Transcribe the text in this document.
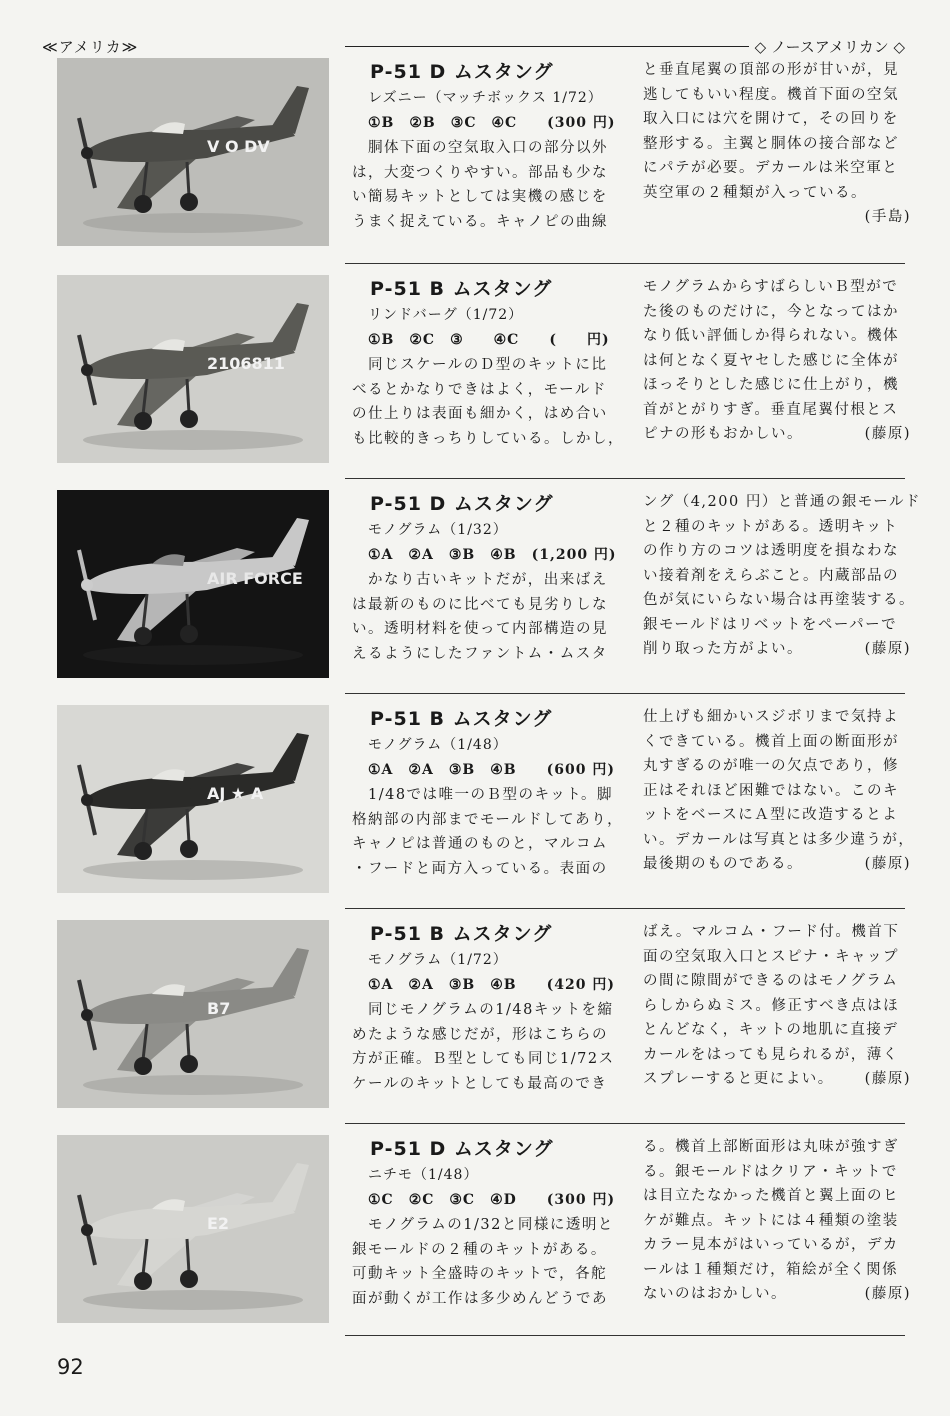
≪アメリカ≫	◇ ノースアメリカン ◇
V O DV
P-51 D ムスタング
レズニー（マッチボックス 1/72）
①B　②B　③C　④C　　(300 円)
　胴体下面の空気取入口の部分以外
は，大変つくりやすい。部品も少な
い簡易キットとしては実機の感じを
うまく捉えている。キャノピの曲線
と垂直尾翼の頂部の形が甘いが，見
逃してもいい程度。機首下面の空気
取入口には穴を開けて，その回りを
整形する。主翼と胴体の接合部など
にパテが必要。デカールは米空軍と
英空軍の２種類が入っている。
(手島)
2106811
P-51 B ムスタング
リンドバーグ（1/72）
①B　②C　③　　④C　　(　　円)
　同じスケールのＤ型のキットに比
べるとかなりできはよく，モールド
の仕上りは表面も細かく，はめ合い
も比較的きっちりしている。しかし，
モノグラムからすばらしいＢ型がで
た後のものだけに，今となってはか
なり低い評価しか得られない。機体
は何となく夏ヤセした感じに全体が
ほっそりとした感じに仕上がり，機
首がとがりすぎ。垂直尾翼付根とス
ピナの形もおかしい。	(藤原)
AIR FORCE
P-51 D ムスタング
モノグラム（1/32）
①A　②A　③B　④B　(1,200 円)
　かなり古いキットだが，出来ばえ
は最新のものに比べても見劣りしな
い。透明材料を使って内部構造の見
えるようにしたファントム・ムスタ
ング（4,200 円）と普通の銀モールド
と２種のキットがある。透明キット
の作り方のコツは透明度を損なわな
い接着剤をえらぶこと。内蔵部品の
色が気にいらない場合は再塗装する。
銀モールドはリベットをペーパーで
削り取った方がよい。	(藤原)
AJ ★ A
P-51 B ムスタング
モノグラム（1/48）
①A　②A　③B　④B　　(600 円)
　1/48では唯一のＢ型のキット。脚
格納部の内部までモールドしてあり，
キャノピは普通のものと，マルコム
・フードと両方入っている。表面の
仕上げも細かいスジボリまで気持よ
くできている。機首上面の断面形が
丸すぎるのが唯一の欠点であり，修
正はそれほど困難ではない。このキ
ットをベースにＡ型に改造するとよ
い。デカールは写真とは多少違うが，
最後期のものである。	(藤原)
B7
P-51 B ムスタング
モノグラム（1/72）
①A　②A　③B　④B　　(420 円)
　同じモノグラムの1/48キットを縮
めたような感じだが，形はこちらの
方が正確。Ｂ型としても同じ1/72ス
ケールのキットとしても最高のでき
ばえ。マルコム・フード付。機首下
面の空気取入口とスピナ・キャップ
の間に隙間ができるのはモノグラム
らしからぬミス。修正すべき点はほ
とんどなく，キットの地肌に直接デ
カールをはっても見られるが，薄く
スプレーすると更によい。	(藤原)
E2
P-51 D ムスタング
ニチモ（1/48）
①C　②C　③C　④D　　(300 円)
　モノグラムの1/32と同様に透明と
銀モールドの２種のキットがある。
可動キット全盛時のキットで，各舵
面が動くが工作は多少めんどうであ
る。機首上部断面形は丸味が強すぎ
る。銀モールドはクリア・キットで
は目立たなかった機首と翼上面のヒ
ケが難点。キットには４種類の塗装
カラー見本がはいっているが，デカ
ールは１種類だけ，箱絵が全く関係
ないのはおかしい。	(藤原)
92
